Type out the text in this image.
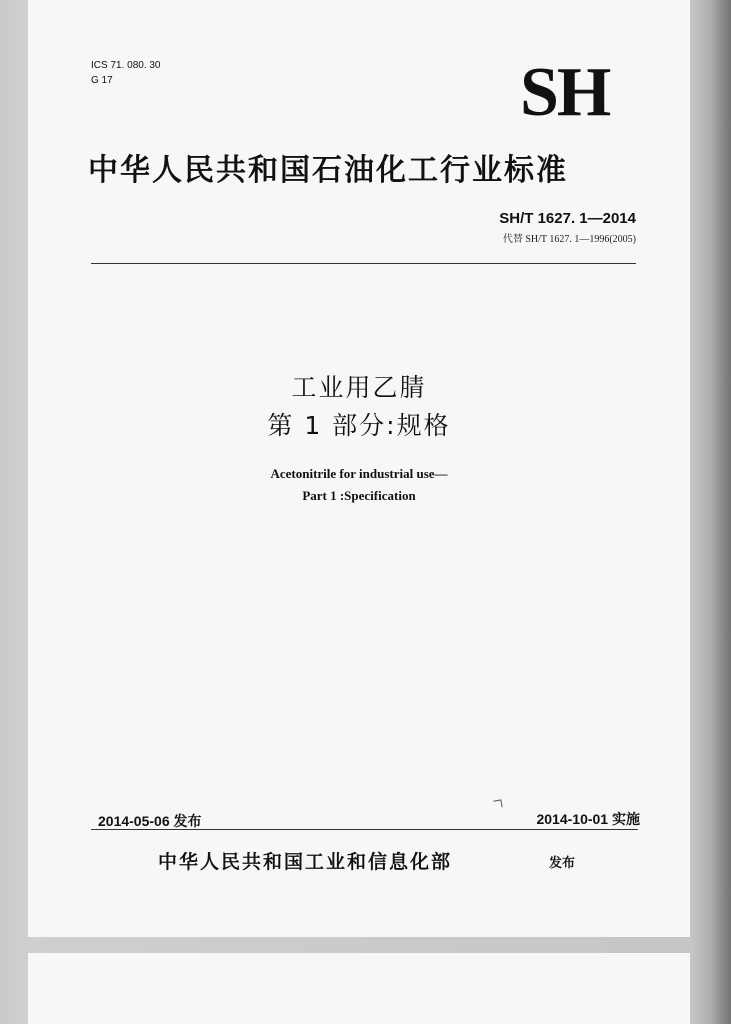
ICS 71. 080. 30
G 17	SH
中华人民共和国石油化工行业标准
SH/T 1627. 1—2014
代替 SH/T 1627. 1—1996(2005)
工业用乙腈
第 1 部分:规格
Acetonitrile for industrial use—
Part 1 :Specification
2014-05-06 发布	2014-10-01 实施
中华人民共和国工业和信息化部	发布
